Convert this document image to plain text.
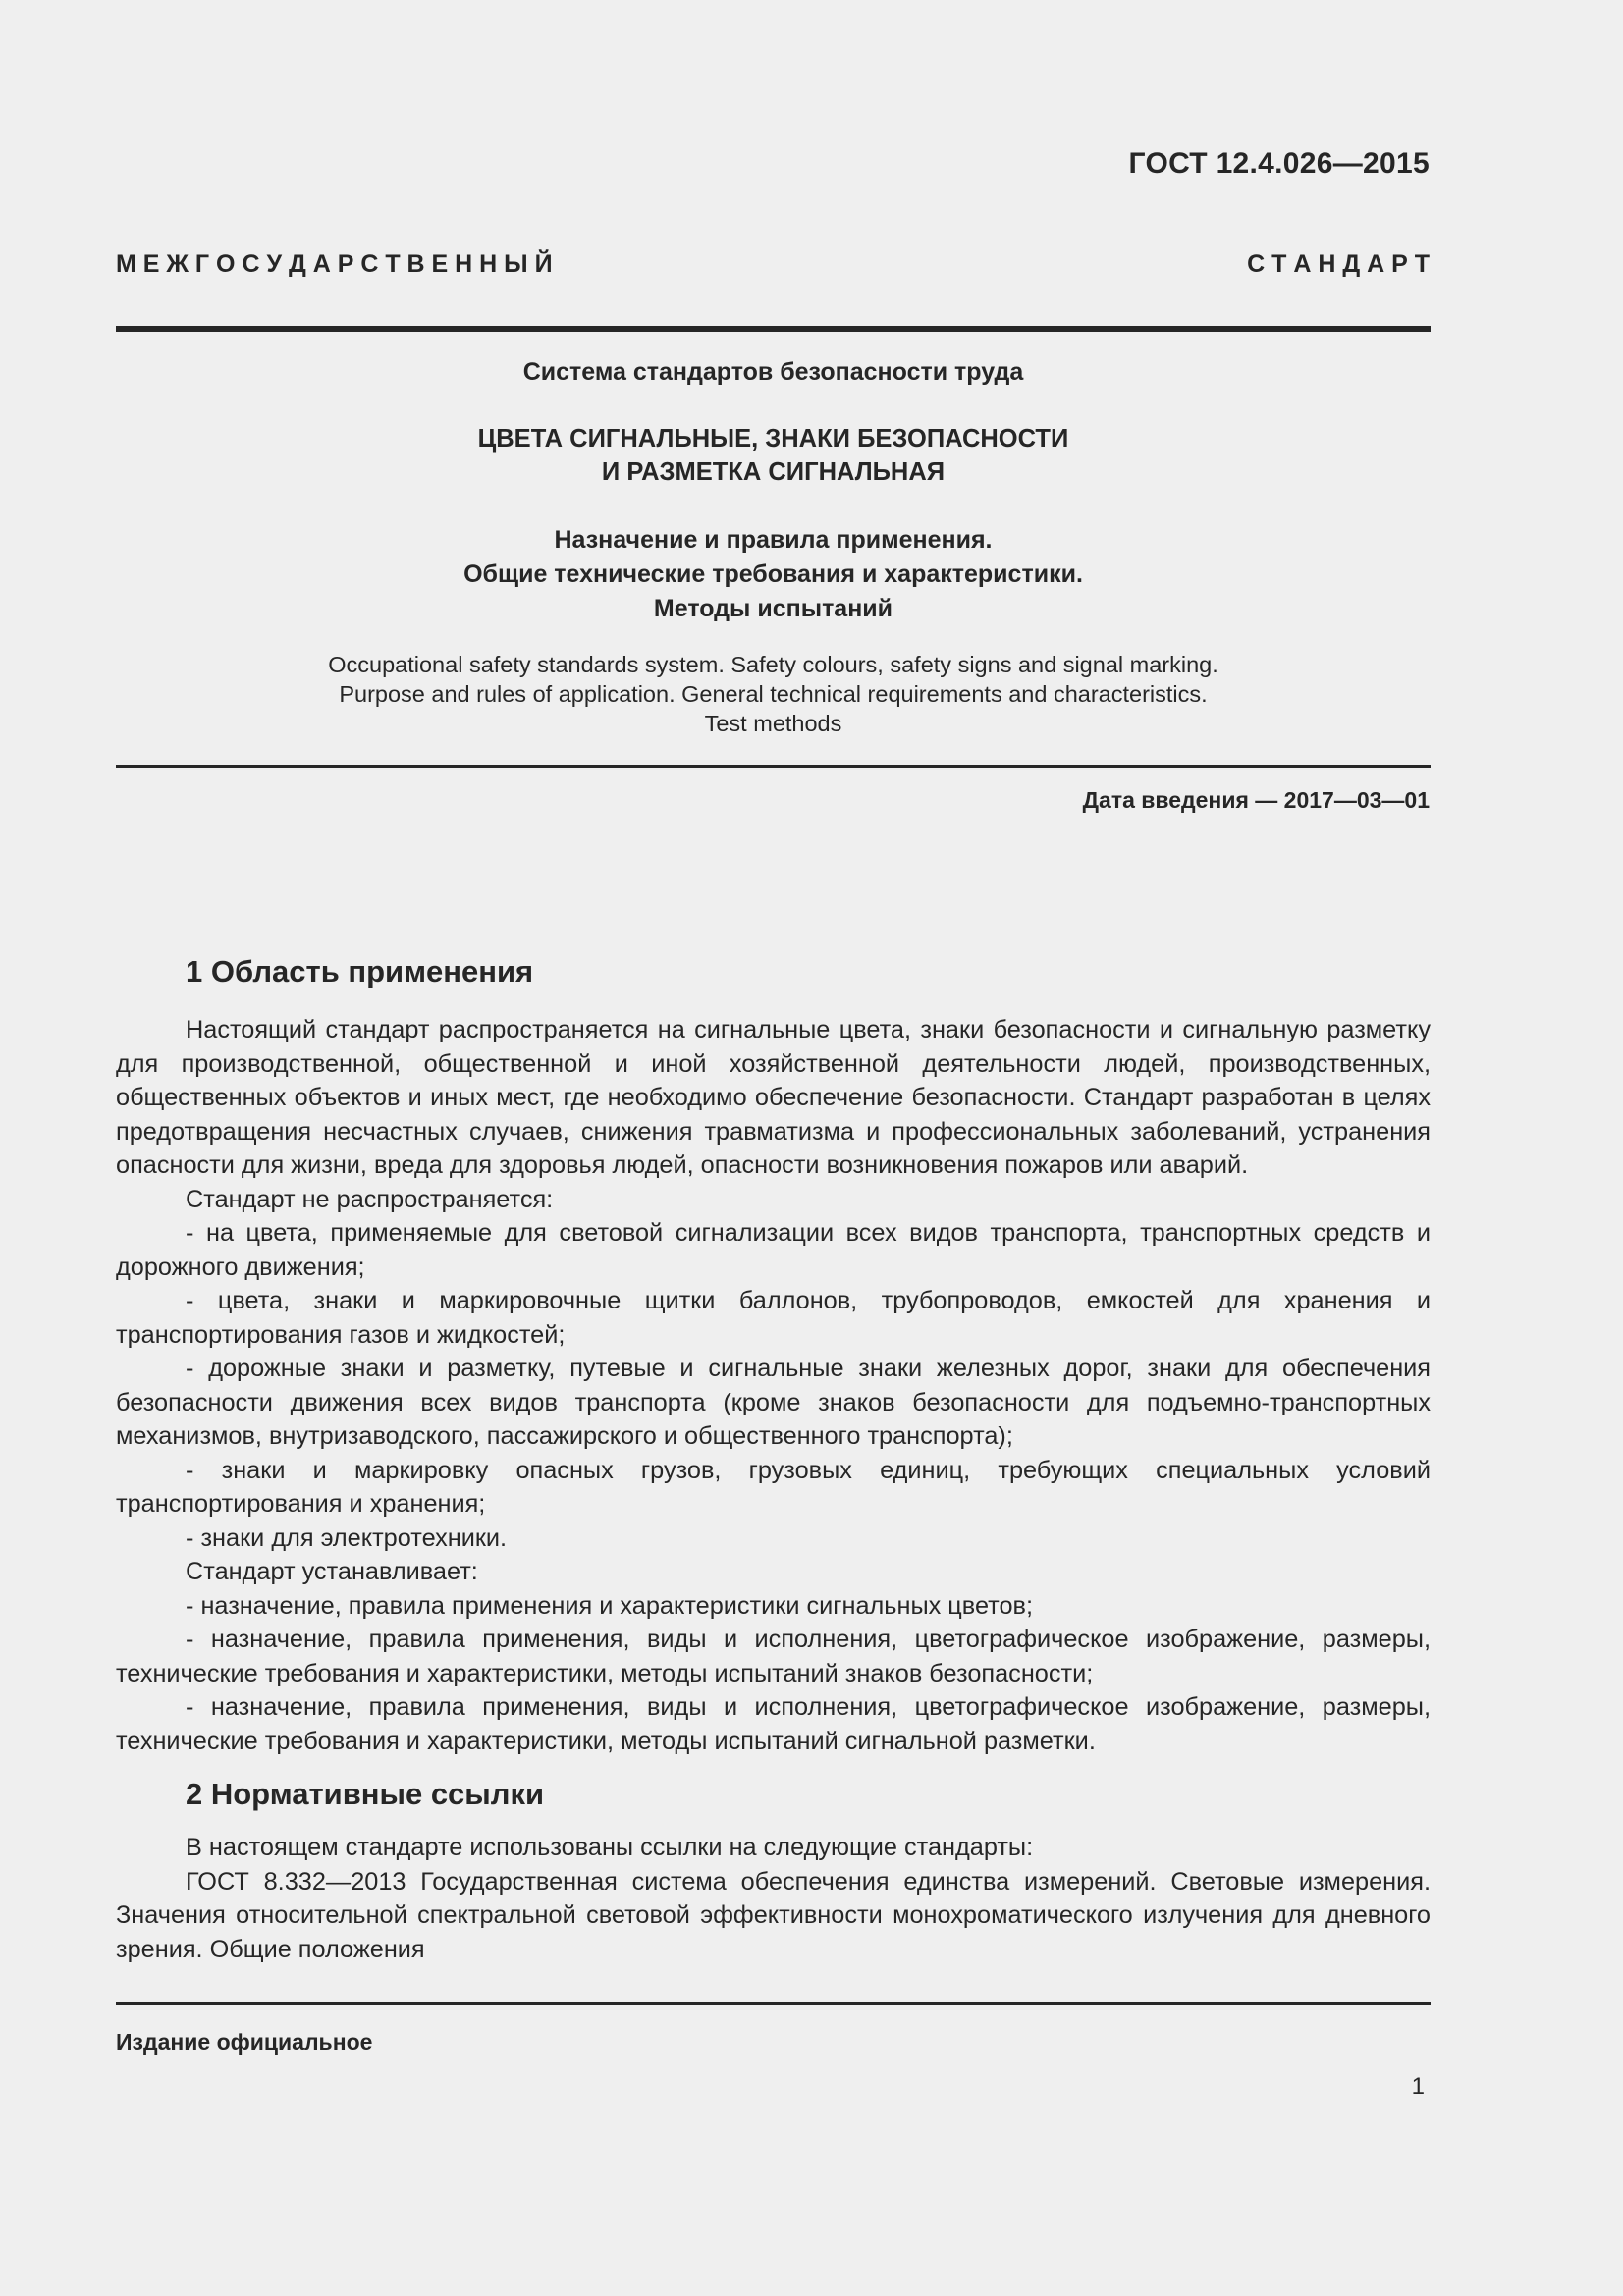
ГОСТ 12.4.026—2015
М Е Ж Г О С У Д А Р С Т В Е Н Н Ы Й	С Т А Н Д А Р Т
Система стандартов безопасности труда
ЦВЕТА СИГНАЛЬНЫЕ, ЗНАКИ БЕЗОПАСНОСТИ
И РАЗМЕТКА СИГНАЛЬНАЯ
Назначение и правила применения.
Общие технические требования и характеристики.
Методы испытаний
Occupational safety standards system. Safety colours, safety signs and signal marking.
Purpose and rules of application. General technical requirements and characteristics.
Test methods
Дата введения — 2017—03—01
1 Область применения

Настоящий стандарт распространяется на сигнальные цвета, знаки безопасности и сигнальную разметку для производственной, общественной и иной хозяйственной деятельности людей, производственных, общественных объектов и иных мест, где необходимо обеспечение безопасности. Стандарт разработан в целях предотвращения несчастных случаев, снижения травматизма и профессиональных заболеваний, устранения опасности для жизни, вреда для здоровья людей, опасности возникновения пожаров или аварий.

Стандарт не распространяется:

- на цвета, применяемые для световой сигнализации всех видов транспорта, транспортных средств и дорожного движения;

- цвета, знаки и маркировочные щитки баллонов, трубопроводов, емкостей для хранения и транспортирования газов и жидкостей;

- дорожные знаки и разметку, путевые и сигнальные знаки железных дорог, знаки для обеспечения безопасности движения всех видов транспорта (кроме знаков безопасности для подъемно-транспортных механизмов, внутризаводского, пассажирского и общественного транспорта);

- знаки и маркировку опасных грузов, грузовых единиц, требующих специальных условий транспортирования и хранения;

- знаки для электротехники.

Стандарт устанавливает:

- назначение, правила применения и характеристики сигнальных цветов;

- назначение, правила применения, виды и исполнения, цветографическое изображение, размеры, технические требования и характеристики, методы испытаний знаков безопасности;

- назначение, правила применения, виды и исполнения, цветографическое изображение, размеры, технические требования и характеристики, методы испытаний сигнальной разметки.

2 Нормативные ссылки

В настоящем стандарте использованы ссылки на следующие стандарты:

ГОСТ 8.332—2013 Государственная система обеспечения единства измерений. Световые измерения. Значения относительной спектральной световой эффективности монохроматического излучения для дневного зрения. Общие положения

Издание официальное
1
